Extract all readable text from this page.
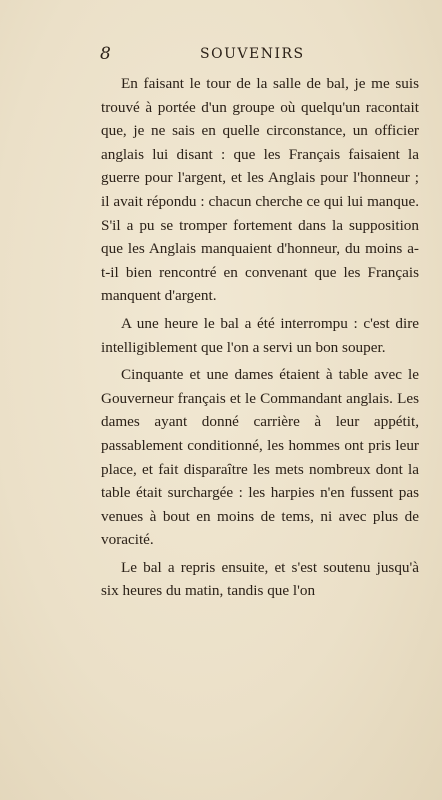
8	SOUVENIRS

En faisant le tour de la salle de bal, je me suis trouvé à portée d'un groupe où quelqu'un racontait que, je ne sais en quelle circonstance, un officier anglais lui disant : que les Français faisaient la guerre pour l'argent, et les Anglais pour l'honneur ; il avait répondu : chacun cherche ce qui lui manque. S'il a pu se tromper fortement dans la supposition que les Anglais manquaient d'honneur, du moins a-t-il bien rencontré en convenant que les Français manquent d'argent.

A une heure le bal a été interrompu : c'est dire intelligiblement que l'on a servi un bon souper.

Cinquante et une dames étaient à table avec le Gouverneur français et le Commandant anglais. Les dames ayant donné carrière à leur appétit, passablement conditionné, les hommes ont pris leur place, et fait disparaître les mets nombreux dont la table était surchargée : les harpies n'en fussent pas venues à bout en moins de tems, ni avec plus de voracité.

Le bal a repris ensuite, et s'est soutenu jusqu'à six heures du matin, tandis que l'on
